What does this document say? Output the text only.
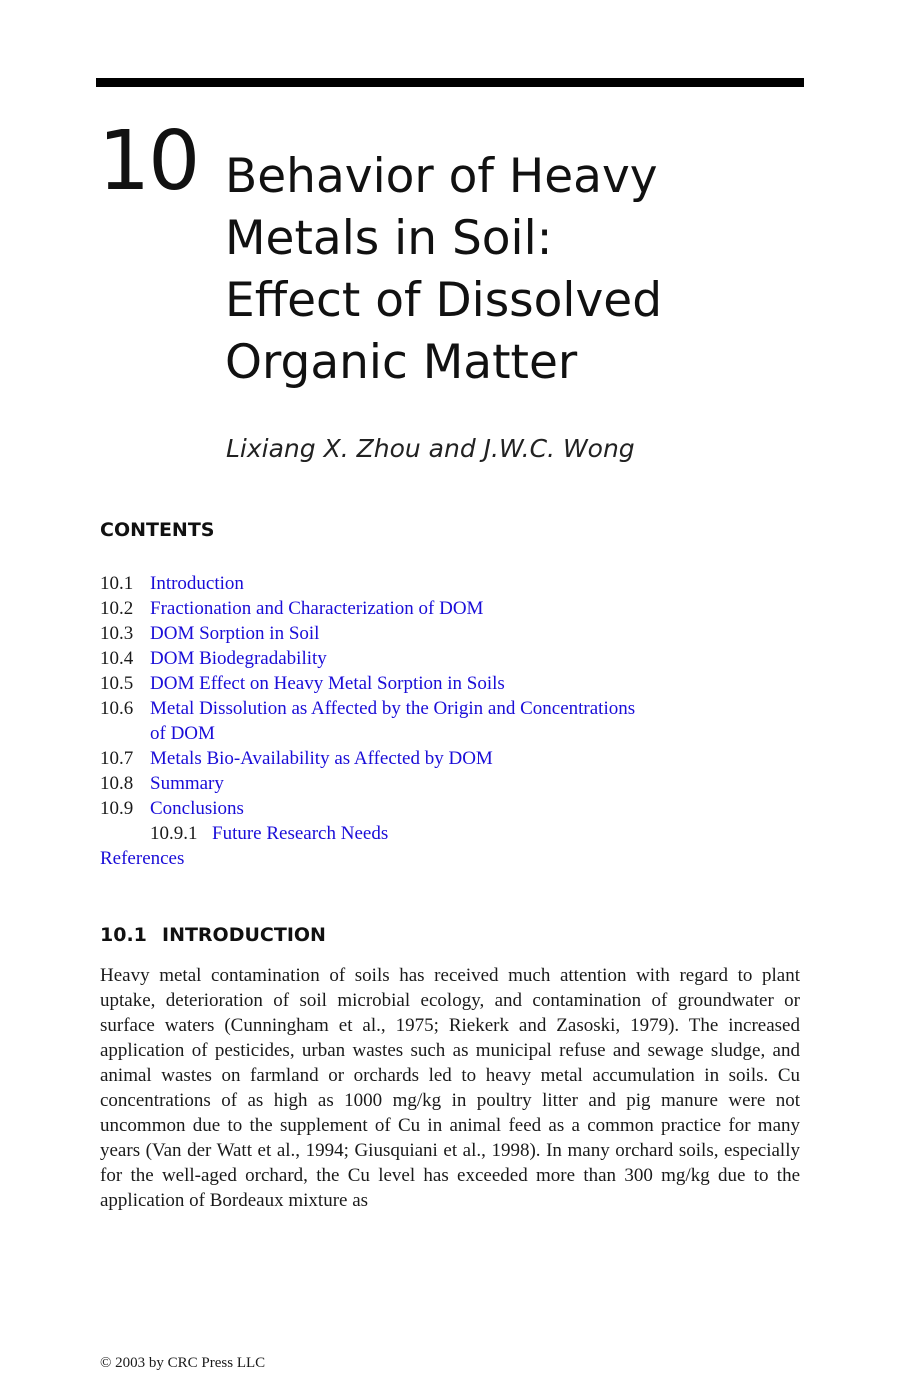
10 Behavior of Heavy
Metals in Soil:
Effect of Dissolved
Organic Matter
Lixiang X. Zhou and J.W.C. Wong
CONTENTS
10.1 Introduction
10.2 Fractionation and Characterization of DOM
10.3 DOM Sorption in Soil
10.4 DOM Biodegradability
10.5 DOM Effect on Heavy Metal Sorption in Soils
10.6 Metal Dissolution as Affected by the Origin and Concentrations
of DOM
10.7 Metals Bio-Availability as Affected by DOM
10.8 Summary
10.9 Conclusions
10.9.1 Future Research Needs
References
10.1 INTRODUCTION

Heavy metal contamination of soils has received much attention with regard to plant uptake, deterioration of soil microbial ecology, and contamination of groundwater or surface waters (Cunningham et al., 1975; Riekerk and Zasoski, 1979). The increased application of pesticides, urban wastes such as municipal refuse and sewage sludge, and animal wastes on farmland or orchards led to heavy metal accumulation in soils. Cu concentrations of as high as 1000 mg/kg in poultry litter and pig manure were not uncommon due to the supplement of Cu in animal feed as a common practice for many years (Van der Watt et al., 1994; Giusquiani et al., 1998). In many orchard soils, especially for the well-aged orchard, the Cu level has exceeded more than 300 mg/kg due to the application of Bordeaux mixture as

© 2003 by CRC Press LLC
